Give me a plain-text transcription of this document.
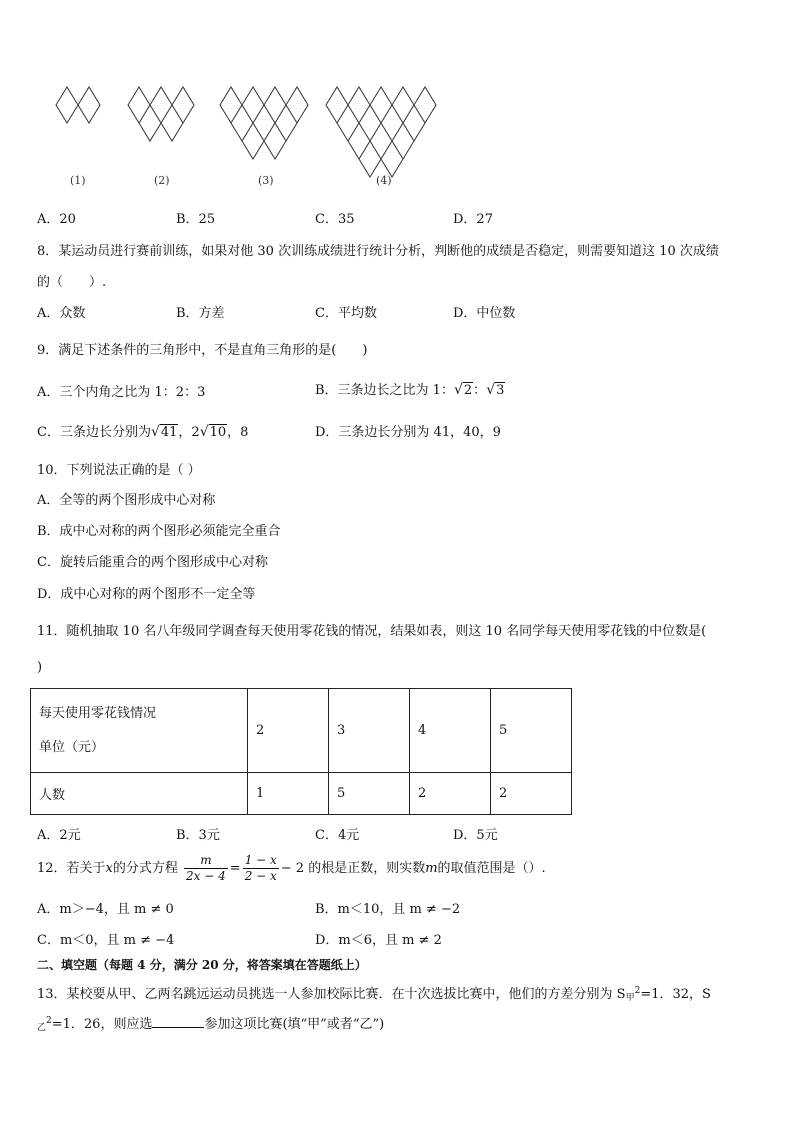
(1)	(2)	(3)	(4)
A．20	B．25	C．35	D．27
8．某运动员进行赛前训练，如果对他 30 次训练成绩进行统计分析，判断他的成绩是否稳定，则需要知道这 10 次成绩
的（　　）.
A．众数	B．方差	C．平均数	D．中位数
9．满足下述条件的三角形中，不是直角三角形的是(　　)
A．三个内角之比为 1：2：3	B．三条边长之比为 1：√2：√3
C．三条边长分别为√41，2√10，8	D．三条边长分别为 41，40，9
10．下列说法正确的是（ ）
A．全等的两个图形成中心对称
B．成中心对称的两个图形必须能完全重合
C．旋转后能重合的两个图形成中心对称
D．成中心对称的两个图形不一定全等
11．随机抽取 10 名八年级同学调查每天使用零花钱的情况，结果如表，则这 10 名同学每天使用零花钱的中位数是(
)
每天使用零花钱情况
单位（元）	2	3	4	5
人数	1	5	2	2
A．2元	B．3元	C．4元	D．5元
12．若关于x的分式方程 $\frac{m}{2x - 4} = \frac{1 - x}{2 - x} - 2$ 的根是正数，则实数m的取值范围是（）.
A．m＞−4，且 m ≠ 0	B．m＜10，且 m ≠ −2
C．m＜0，且 m ≠ −4	D．m＜6，且 m ≠ 2
二、填空题（每题 4 分，满分 20 分，将答案填在答题纸上）
13．某校要从甲、乙两名跳远运动员挑选一人参加校际比赛．在十次选拔比赛中，他们的方差分别为 $S_甲^2=1$．32，S
$_乙^2$=1．26，则应选	参加这项比赛(填“甲”或者“乙”)
